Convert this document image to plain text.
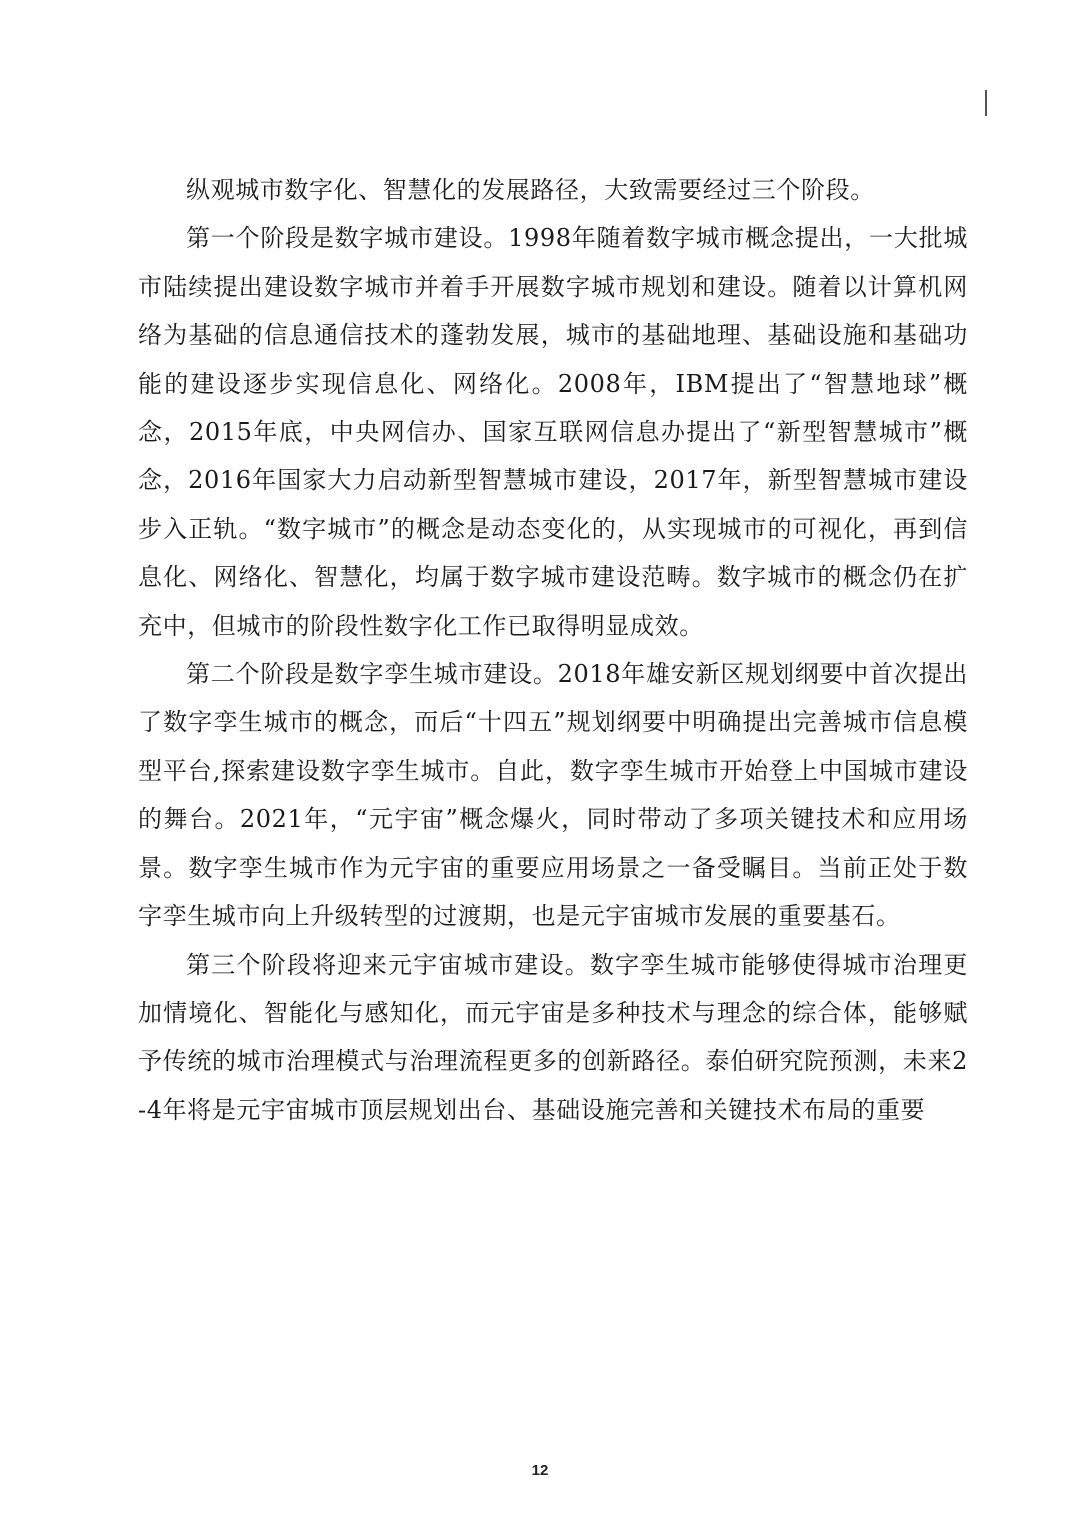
纵观城市数字化、智慧化的发展路径，大致需要经过三个阶段。

第一个阶段是数字城市建设。1998年随着数字城市概念提出，一大批城市陆续提出建设数字城市并着手开展数字城市规划和建设。随着以计算机网络为基础的信息通信技术的蓬勃发展，城市的基础地理、基础设施和基础功能的建设逐步实现信息化、网络化。2008年，IBM提出了“智慧地球”概念，2015年底，中央网信办、国家互联网信息办提出了“新型智慧城市”概念，2016年国家大力启动新型智慧城市建设，2017年，新型智慧城市建设步入正轨。“数字城市”的概念是动态变化的，从实现城市的可视化，再到信息化、网络化、智慧化，均属于数字城市建设范畴。数字城市的概念仍在扩充中，但城市的阶段性数字化工作已取得明显成效。

第二个阶段是数字孪生城市建设。2018年雄安新区规划纲要中首次提出了数字孪生城市的概念，而后“十四五”规划纲要中明确提出完善城市信息模型平台,探索建设数字孪生城市。自此，数字孪生城市开始登上中国城市建设的舞台。2021年，“元宇宙”概念爆火，同时带动了多项关键技术和应用场景。数字孪生城市作为元宇宙的重要应用场景之一备受瞩目。当前正处于数字孪生城市向上升级转型的过渡期，也是元宇宙城市发展的重要基石。

第三个阶段将迎来元宇宙城市建设。数字孪生城市能够使得城市治理更加情境化、智能化与感知化，而元宇宙是多种技术与理念的综合体，能够赋予传统的城市治理模式与治理流程更多的创新路径。泰伯研究院预测，未来2-4年将是元宇宙城市顶层规划出台、基础设施完善和关键技术布局的重要

12
